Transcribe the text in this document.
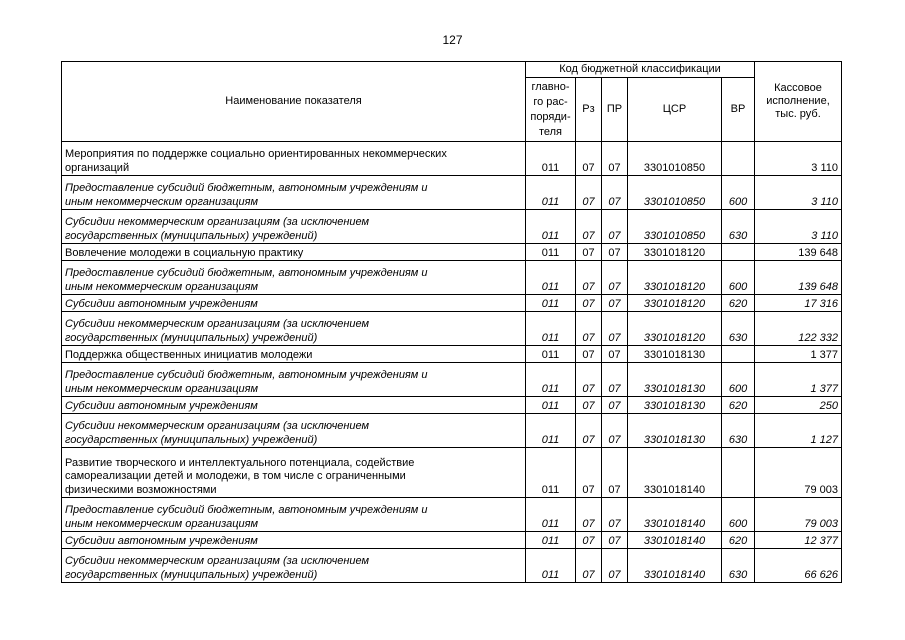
127
Наименование показателя	Код бюджетной классификации					Кассовое
исполнение,
тыс. руб.
	главно-
го рас-
поряди-
теля	Рз	ПР	ЦСР	ВР	
Мероприятия по поддержке социально ориентированных некоммерческих
организаций	011	07	07	3301010850		3 110
Предоставление субсидий бюджетным, автономным учреждениям и
иным некоммерческим организациям	011	07	07	3301010850	600	3 110
Субсидии некоммерческим организациям (за исключением
государственных (муниципальных) учреждений)	011	07	07	3301010850	630	3 110
Вовлечение молодежи в социальную практику	011	07	07	3301018120		139 648
Предоставление субсидий бюджетным, автономным учреждениям и
иным некоммерческим организациям	011	07	07	3301018120	600	139 648
Субсидии автономным учреждениям	011	07	07	3301018120	620	17 316
Субсидии некоммерческим организациям (за исключением
государственных (муниципальных) учреждений)	011	07	07	3301018120	630	122 332
Поддержка общественных инициатив молодежи	011	07	07	3301018130		1 377
Предоставление субсидий бюджетным, автономным учреждениям и
иным некоммерческим организациям	011	07	07	3301018130	600	1 377
Субсидии автономным учреждениям	011	07	07	3301018130	620	250
Субсидии некоммерческим организациям (за исключением
государственных (муниципальных) учреждений)	011	07	07	3301018130	630	1 127
Развитие творческого и интеллектуального потенциала, содействие
самореализации детей и молодежи, в том числе с ограниченными
физическими возможностями	011	07	07	3301018140		79 003
Предоставление субсидий бюджетным, автономным учреждениям и
иным некоммерческим организациям	011	07	07	3301018140	600	79 003
Субсидии автономным учреждениям	011	07	07	3301018140	620	12 377
Субсидии некоммерческим организациям (за исключением
государственных (муниципальных) учреждений)	011	07	07	3301018140	630	66 626
